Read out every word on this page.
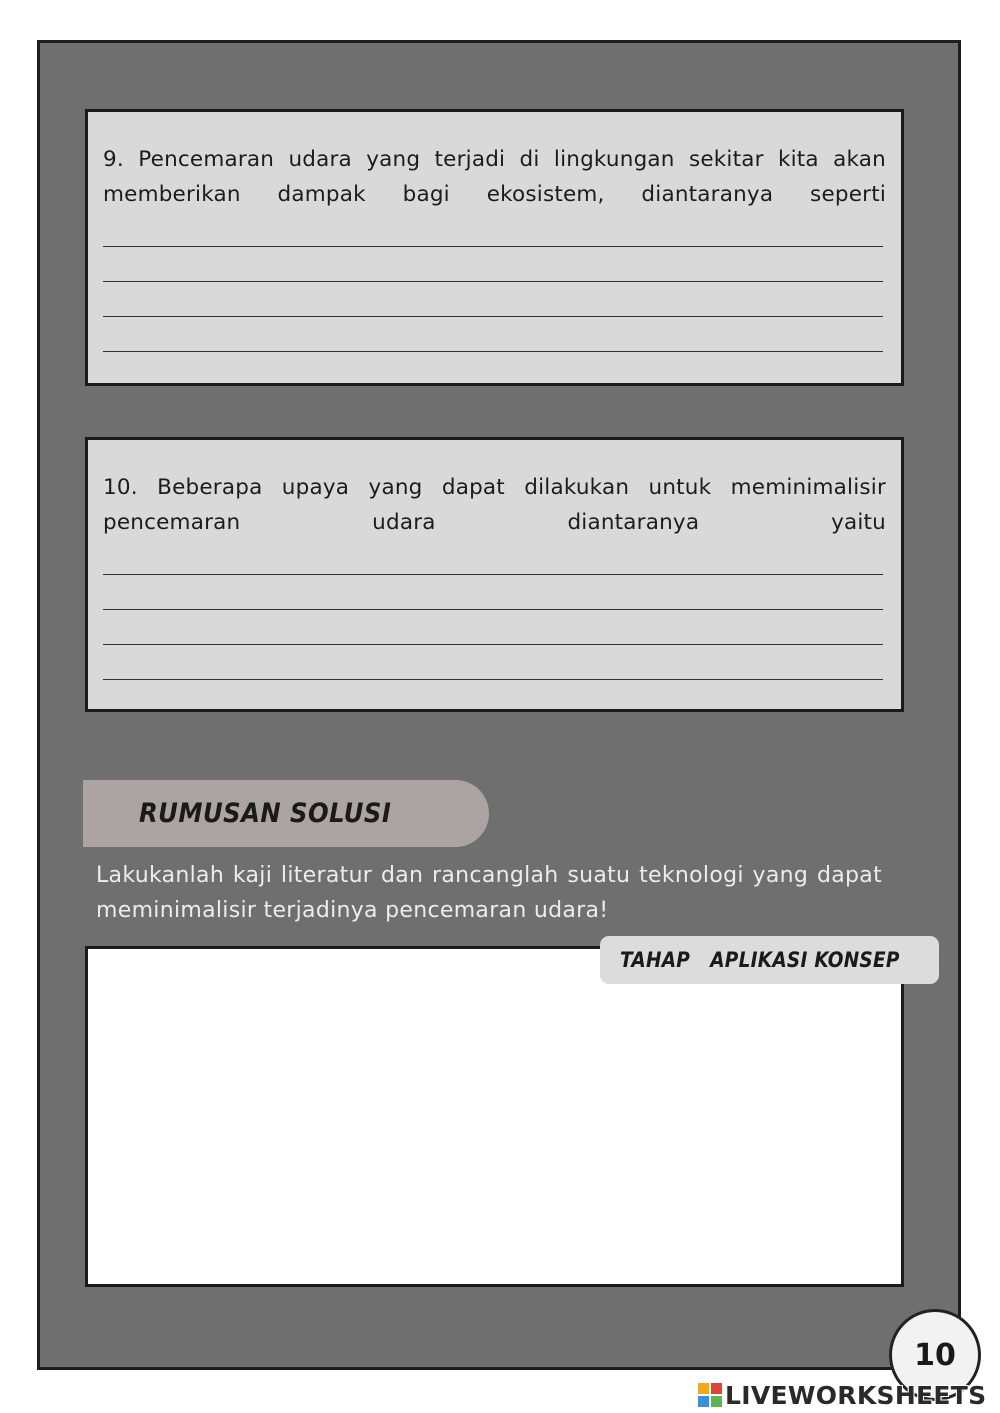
9. Pencemaran udara yang terjadi di lingkungan sekitar kita akan memberikan dampak bagi ekosistem, diantaranya seperti

10. Beberapa upaya yang dapat dilakukan untuk meminimalisir pencemaran udara diantaranya yaitu

RUMUSAN SOLUSI

Lakukanlah kaji literatur dan rancanglah suatu teknologi yang dapat meminimalisir terjadinya pencemaran udara!

TAHAP   APLIKASI KONSEP
10
LIVEWORKSHEETS
